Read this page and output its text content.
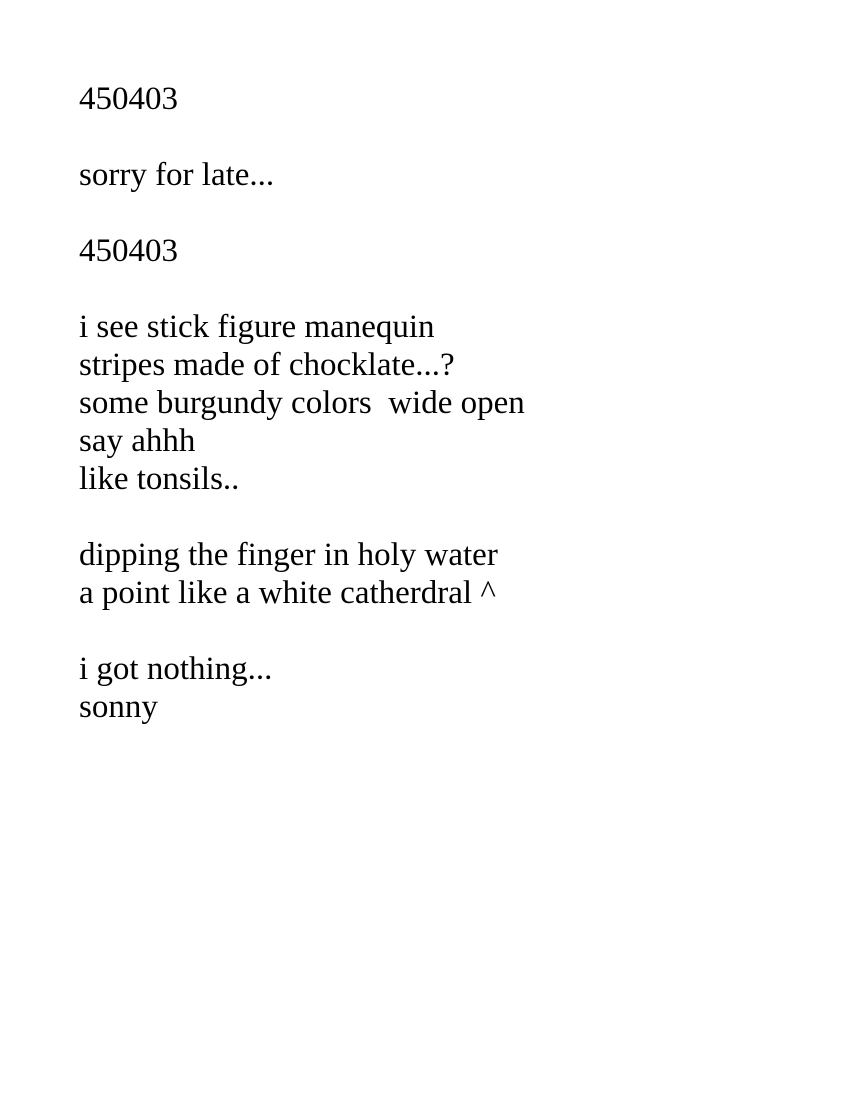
450403
sorry for late...
450403
i see stick figure manequin
stripes made of chocklate...?
some burgundy colors  wide open
say ahhh
like tonsils..
dipping the finger in holy water
a point like a white catherdral ^
i got nothing...
sonny
